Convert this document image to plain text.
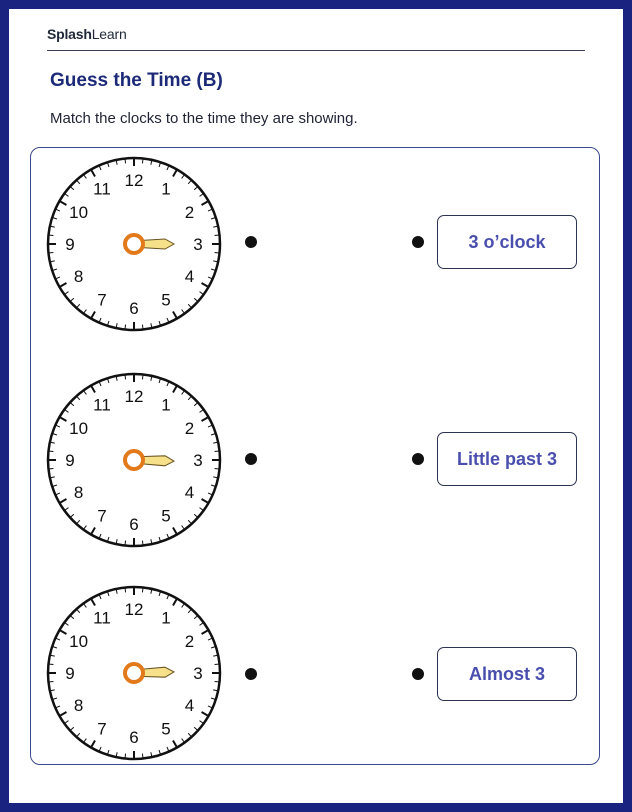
SplashLearn
Guess the Time (B)
Match the clocks to the time they are showing.
12 1
2
3
4
5
6
7
8
9
10
11
3 o’clock
12 1
2
3
4
5
6
7
8
9
10
11
Little past 3
12 1
2
3
4
5
6
7
8
9
10
11
Almost 3
